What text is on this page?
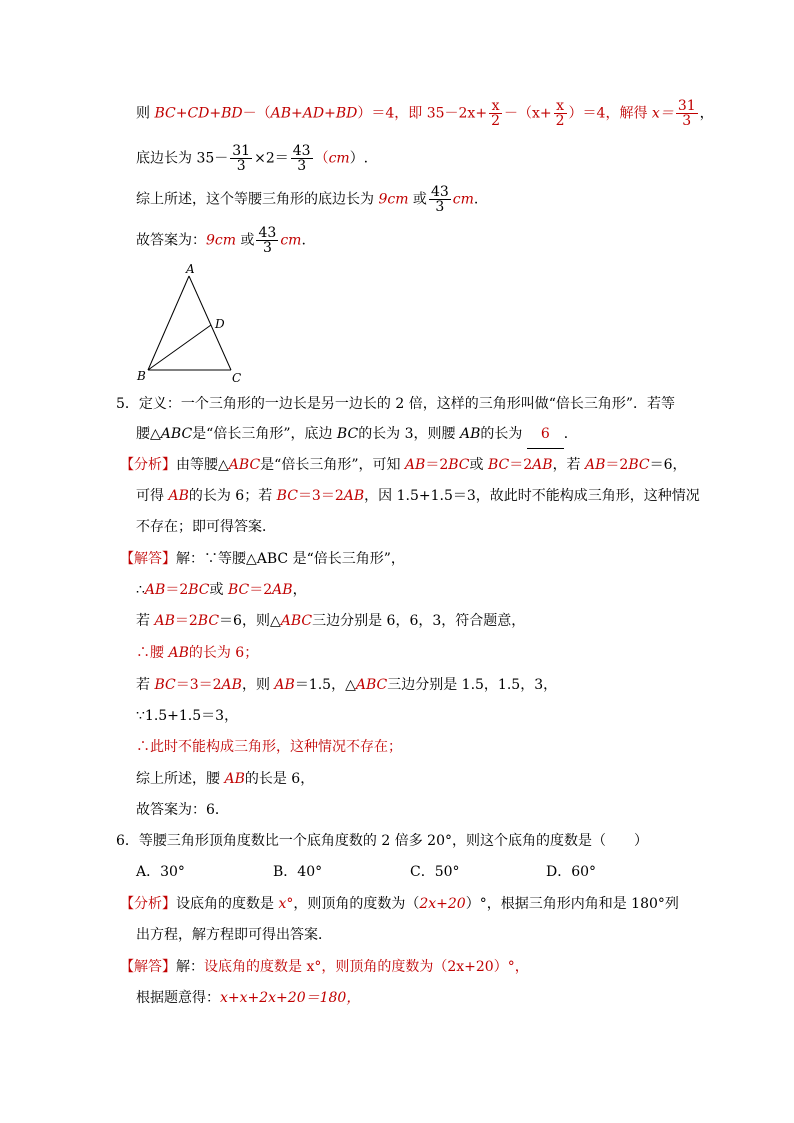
则 BC+CD+BD－（AB+AD+BD）＝4，即 $35-2x+ \frac{x}{2} -(x+ \frac{x}{2} )=4$，解得 $x= \frac{31}{3}$ ，
底边长为 $35- \frac{31}{3} \times 2= \frac{43}{3} (cm)$.
综上所述，这个等腰三角形的底边长为 9cm 或 $\frac{43}{3}$ cm.
故答案为：9cm 或 $\frac{43}{3}$ cm.
A
D
B	C
5．定义：一个三角形的一边长是另一边长的 2 倍，这样的三角形叫做“倍长三角形”．若等
腰△ABC是“倍长三角形”，底边 BC的长为 3，则腰 AB的长为 6 ．
【分析】由等腰△ABC是“倍长三角形”，可知 AB＝2BC或 BC＝2AB，若 AB＝2BC＝6，
可得 AB的长为 6；若 BC＝3＝2AB，因 1.5+1.5＝3，故此时不能构成三角形，这种情况
不存在；即可得答案．
【解答】解：∵等腰△ABC 是“倍长三角形”，
∴AB＝2BC或 BC＝2AB，
若 AB＝2BC＝6，则△ABC三边分别是 6，6，3，符合题意，
∴腰 AB的长为 6；
若 BC＝3＝2AB，则 AB＝1.5，△ABC三边分别是 1.5，1.5，3，
∵1.5+1.5＝3，
∴此时不能构成三角形，这种情况不存在；
综上所述，腰 AB的长是 6，
故答案为：6．
6．等腰三角形顶角度数比一个底角度数的 2 倍多 20°，则这个底角的度数是（　　）
A．30°	B．40°	C．50°	D．60°
【分析】设底角的度数是 x°，则顶角的度数为（2x+20）°，根据三角形内角和是 180°列
出方程，解方程即可得出答案．
【解答】解：设底角的度数是 x°，则顶角的度数为（2x+20）°，
根据题意得：x+x+2x+20＝180，
